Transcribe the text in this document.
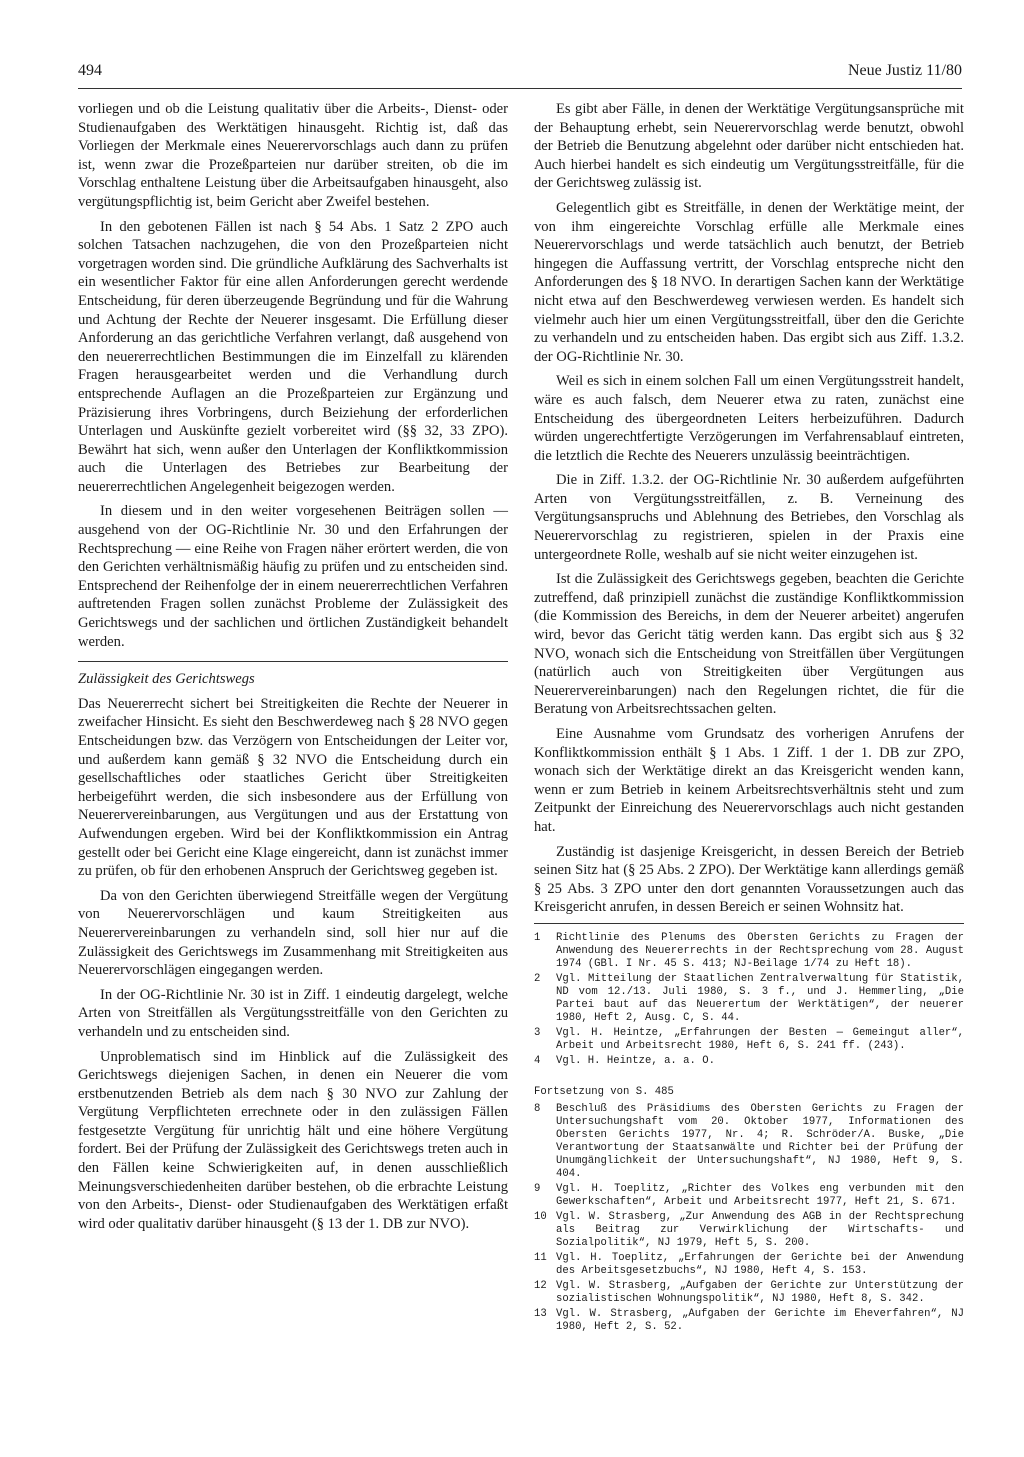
494	Neue Justiz 11/80

vorliegen und ob die Leistung qualitativ über die Arbeits-, Dienst- oder Studienaufgaben des Werktätigen hinausgeht. Richtig ist, daß das Vorliegen der Merkmale eines Neuerervorschlags auch dann zu prüfen ist, wenn zwar die Prozeßparteien nur darüber streiten, ob die im Vorschlag enthaltene Leistung über die Arbeitsaufgaben hinausgeht, also vergütungspflichtig ist, beim Gericht aber Zweifel bestehen.

In den gebotenen Fällen ist nach § 54 Abs. 1 Satz 2 ZPO auch solchen Tatsachen nachzugehen, die von den Prozeßparteien nicht vorgetragen worden sind. Die gründliche Aufklärung des Sachverhalts ist ein wesentlicher Faktor für eine allen Anforderungen gerecht werdende Entscheidung, für deren überzeugende Begründung und für die Wahrung und Achtung der Rechte der Neuerer insgesamt. Die Erfüllung dieser Anforderung an das gerichtliche Verfahren verlangt, daß ausgehend von den neuererrechtlichen Bestimmungen die im Einzelfall zu klärenden Fragen herausgearbeitet werden und die Verhandlung durch entsprechende Auflagen an die Prozeßparteien zur Ergänzung und Präzisierung ihres Vorbringens, durch Beiziehung der erforderlichen Unterlagen und Auskünfte gezielt vorbereitet wird (§§ 32, 33 ZPO). Bewährt hat sich, wenn außer den Unterlagen der Konfliktkommission auch die Unterlagen des Betriebes zur Bearbeitung der neuererrechtlichen Angelegenheit beigezogen werden.

In diesem und in den weiter vorgesehenen Beiträgen sollen — ausgehend von der OG-Richtlinie Nr. 30 und den Erfahrungen der Rechtsprechung — eine Reihe von Fragen näher erörtert werden, die von den Gerichten verhältnismäßig häufig zu prüfen und zu entscheiden sind. Entsprechend der Reihenfolge der in einem neuererrechtlichen Verfahren auftretenden Fragen sollen zunächst Probleme der Zulässigkeit des Gerichtswegs und der sachlichen und örtlichen Zuständigkeit behandelt werden.

Zulässigkeit des Gerichtswegs

Das Neuererrecht sichert bei Streitigkeiten die Rechte der Neuerer in zweifacher Hinsicht. Es sieht den Beschwerdeweg nach § 28 NVO gegen Entscheidungen bzw. das Verzögern von Entscheidungen der Leiter vor, und außerdem kann gemäß § 32 NVO die Entscheidung durch ein gesellschaftliches oder staatliches Gericht über Streitigkeiten herbeigeführt werden, die sich insbesondere aus der Erfüllung von Neuerervereinbarungen, aus Vergütungen und aus der Erstattung von Aufwendungen ergeben. Wird bei der Konfliktkommission ein Antrag gestellt oder bei Gericht eine Klage eingereicht, dann ist zunächst immer zu prüfen, ob für den erhobenen Anspruch der Gerichtsweg gegeben ist.

Da von den Gerichten überwiegend Streitfälle wegen der Vergütung von Neuerervorschlägen und kaum Streitigkeiten aus Neuerervereinbarungen zu verhandeln sind, soll hier nur auf die Zulässigkeit des Gerichtswegs im Zusammenhang mit Streitigkeiten aus Neuerervorschlägen eingegangen werden.

In der OG-Richtlinie Nr. 30 ist in Ziff. 1 eindeutig dargelegt, welche Arten von Streitfällen als Vergütungsstreitfälle von den Gerichten zu verhandeln und zu entscheiden sind.

Unproblematisch sind im Hinblick auf die Zulässigkeit des Gerichtswegs diejenigen Sachen, in denen ein Neuerer die vom erstbenutzenden Betrieb als dem nach § 30 NVO zur Zahlung der Vergütung Verpflichteten errechnete oder in den zulässigen Fällen festgesetzte Vergütung für unrichtig hält und eine höhere Vergütung fordert. Bei der Prüfung der Zulässigkeit des Gerichtswegs treten auch in den Fällen keine Schwierigkeiten auf, in denen ausschließlich Meinungsverschiedenheiten darüber bestehen, ob die erbrachte Leistung von den Arbeits-, Dienst- oder Studienaufgaben des Werktätigen erfaßt wird oder qualitativ darüber hinausgeht (§ 13 der 1. DB zur NVO).

Es gibt aber Fälle, in denen der Werktätige Vergütungsansprüche mit der Behauptung erhebt, sein Neuerervorschlag werde benutzt, obwohl der Betrieb die Benutzung abgelehnt oder darüber nicht entschieden hat. Auch hierbei handelt es sich eindeutig um Vergütungsstreitfälle, für die der Gerichtsweg zulässig ist.

Gelegentlich gibt es Streitfälle, in denen der Werktätige meint, der von ihm eingereichte Vorschlag erfülle alle Merkmale eines Neuerervorschlags und werde tatsächlich auch benutzt, der Betrieb hingegen die Auffassung vertritt, der Vorschlag entspreche nicht den Anforderungen des § 18 NVO. In derartigen Sachen kann der Werktätige nicht etwa auf den Beschwerdeweg verwiesen werden. Es handelt sich vielmehr auch hier um einen Vergütungsstreitfall, über den die Gerichte zu verhandeln und zu entscheiden haben. Das ergibt sich aus Ziff. 1.3.2. der OG-Richtlinie Nr. 30.

Weil es sich in einem solchen Fall um einen Vergütungsstreit handelt, wäre es auch falsch, dem Neuerer etwa zu raten, zunächst eine Entscheidung des übergeordneten Leiters herbeizuführen. Dadurch würden ungerechtfertigte Verzögerungen im Verfahrensablauf eintreten, die letztlich die Rechte des Neuerers unzulässig beeinträchtigen.

Die in Ziff. 1.3.2. der OG-Richtlinie Nr. 30 außerdem aufgeführten Arten von Vergütungsstreitfällen, z. B. Verneinung des Vergütungsanspruchs und Ablehnung des Betriebes, den Vorschlag als Neuerervorschlag zu registrieren, spielen in der Praxis eine untergeordnete Rolle, weshalb auf sie nicht weiter einzugehen ist.

Ist die Zulässigkeit des Gerichtswegs gegeben, beachten die Gerichte zutreffend, daß prinzipiell zunächst die zuständige Konfliktkommission (die Kommission des Bereichs, in dem der Neuerer arbeitet) angerufen wird, bevor das Gericht tätig werden kann. Das ergibt sich aus § 32 NVO, wonach sich die Entscheidung von Streitfällen über Vergütungen (natürlich auch von Streitigkeiten über Vergütungen aus Neuerervereinbarungen) nach den Regelungen richtet, die für die Beratung von Arbeitsrechtssachen gelten.

Eine Ausnahme vom Grundsatz des vorherigen Anrufens der Konfliktkommission enthält § 1 Abs. 1 Ziff. 1 der 1. DB zur ZPO, wonach sich der Werktätige direkt an das Kreisgericht wenden kann, wenn er zum Betrieb in keinem Arbeitsrechtsverhältnis steht und zum Zeitpunkt der Einreichung des Neuerervorschlags auch nicht gestanden hat.

Zuständig ist dasjenige Kreisgericht, in dessen Bereich der Betrieb seinen Sitz hat (§ 25 Abs. 2 ZPO). Der Werktätige kann allerdings gemäß § 25 Abs. 3 ZPO unter den dort genannten Voraussetzungen auch das Kreisgericht anrufen, in dessen Bereich er seinen Wohnsitz hat.

1	Richtlinie des Plenums des Obersten Gerichts zu Fragen der Anwendung des Neuererrechts in der Rechtsprechung vom 28. August 1974 (GBl. I Nr. 45 S. 413; NJ-Beilage 1/74 zu Heft 18).
2	Vgl. Mitteilung der Staatlichen Zentralverwaltung für Statistik, ND vom 12./13. Juli 1980, S. 3 f., und J. Hemmerling, „Die Partei baut auf das Neuerertum der Werktätigen“, der neuerer 1980, Heft 2, Ausg. C, S. 44.
3	Vgl. H. Heintze, „Erfahrungen der Besten — Gemeingut aller“, Arbeit und Arbeitsrecht 1980, Heft 6, S. 241 ff. (243).
4	Vgl. H. Heintze, a. a. O.
Fortsetzung von S. 485
8	Beschluß des Präsidiums des Obersten Gerichts zu Fragen der Untersuchungshaft vom 20. Oktober 1977, Informationen des Obersten Gerichts 1977, Nr. 4; R. Schröder/A. Buske, „Die Verantwortung der Staatsanwälte und Richter bei der Prüfung der Unumgänglichkeit der Untersuchungshaft“, NJ 1980, Heft 9, S. 404.
9	Vgl. H. Toeplitz, „Richter des Volkes eng verbunden mit den Gewerkschaften“, Arbeit und Arbeitsrecht 1977, Heft 21, S. 671.
10 Vgl. W. Strasberg, „Zur Anwendung des AGB in der Rechtsprechung als Beitrag zur Verwirklichung der Wirtschafts- und Sozialpolitik“, NJ 1979, Heft 5, S. 200.
11 Vgl. H. Toeplitz, „Erfahrungen der Gerichte bei der Anwendung des Arbeitsgesetzbuchs“, NJ 1980, Heft 4, S. 153.
12 Vgl. W. Strasberg, „Aufgaben der Gerichte zur Unterstützung der sozialistischen Wohnungspolitik“, NJ 1980, Heft 8, S. 342.
13 Vgl. W. Strasberg, „Aufgaben der Gerichte im Eheverfahren“, NJ 1980, Heft 2, S. 52.
